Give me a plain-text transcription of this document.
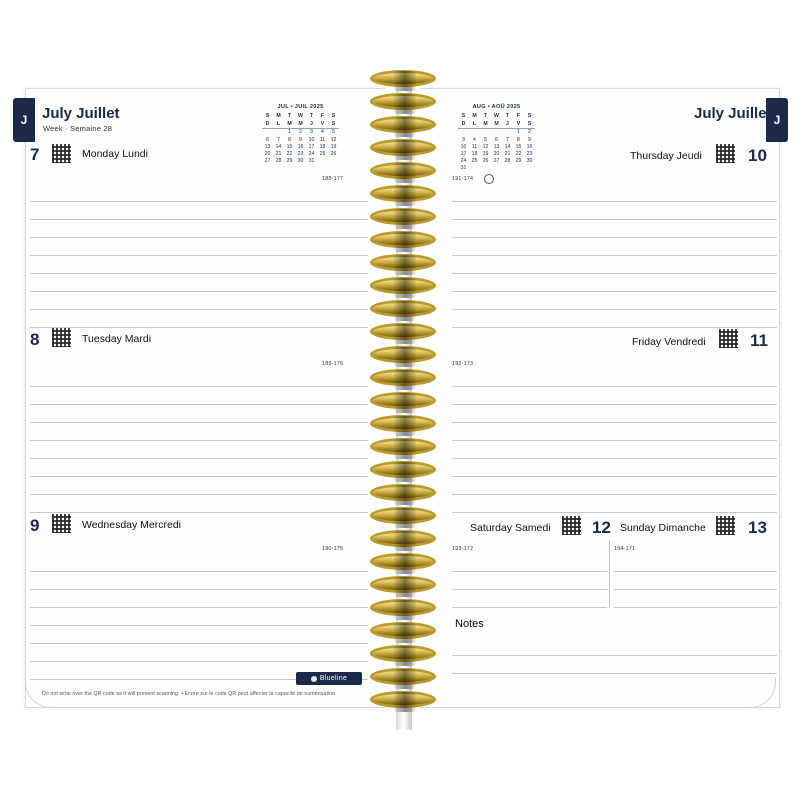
J July Juillet
Week · Semaine 28
JUL • JUIL 2025
S	M	T	W	T	F	S
D	L	M	M	J	V	S
		1	2	3	4	5
6	7	8	9	10	11	12
13	14	15	16	17	18	19
20	21	22	23	24	25	26
27	28	29	30	31		
7	Monday Lundi
188-177
8	Tuesday Mardi
189-176
9	Wednesday Mercredi
190-175
Blueline
Do not write over the QR code as it will prevent scanning. • Écrire sur le code QR peut affecter la capacité de numérisation.
J
July Juillet
AUG • AOÛ 2025
S	M	T	W	T	F	S
D	L	M	M	J	V	S
					1	2
3	4	5	6	7	8	9
10	11	12	13	14	15	16
17	18	19	20	21	22	23
24	25	26	27	28	29	30
31						
Thursday Jeudi	10
191-174
Friday Vendredi	11
192-173
Saturday Samedi 12
193-172
Sunday Dimanche 13
194-171
Notes
